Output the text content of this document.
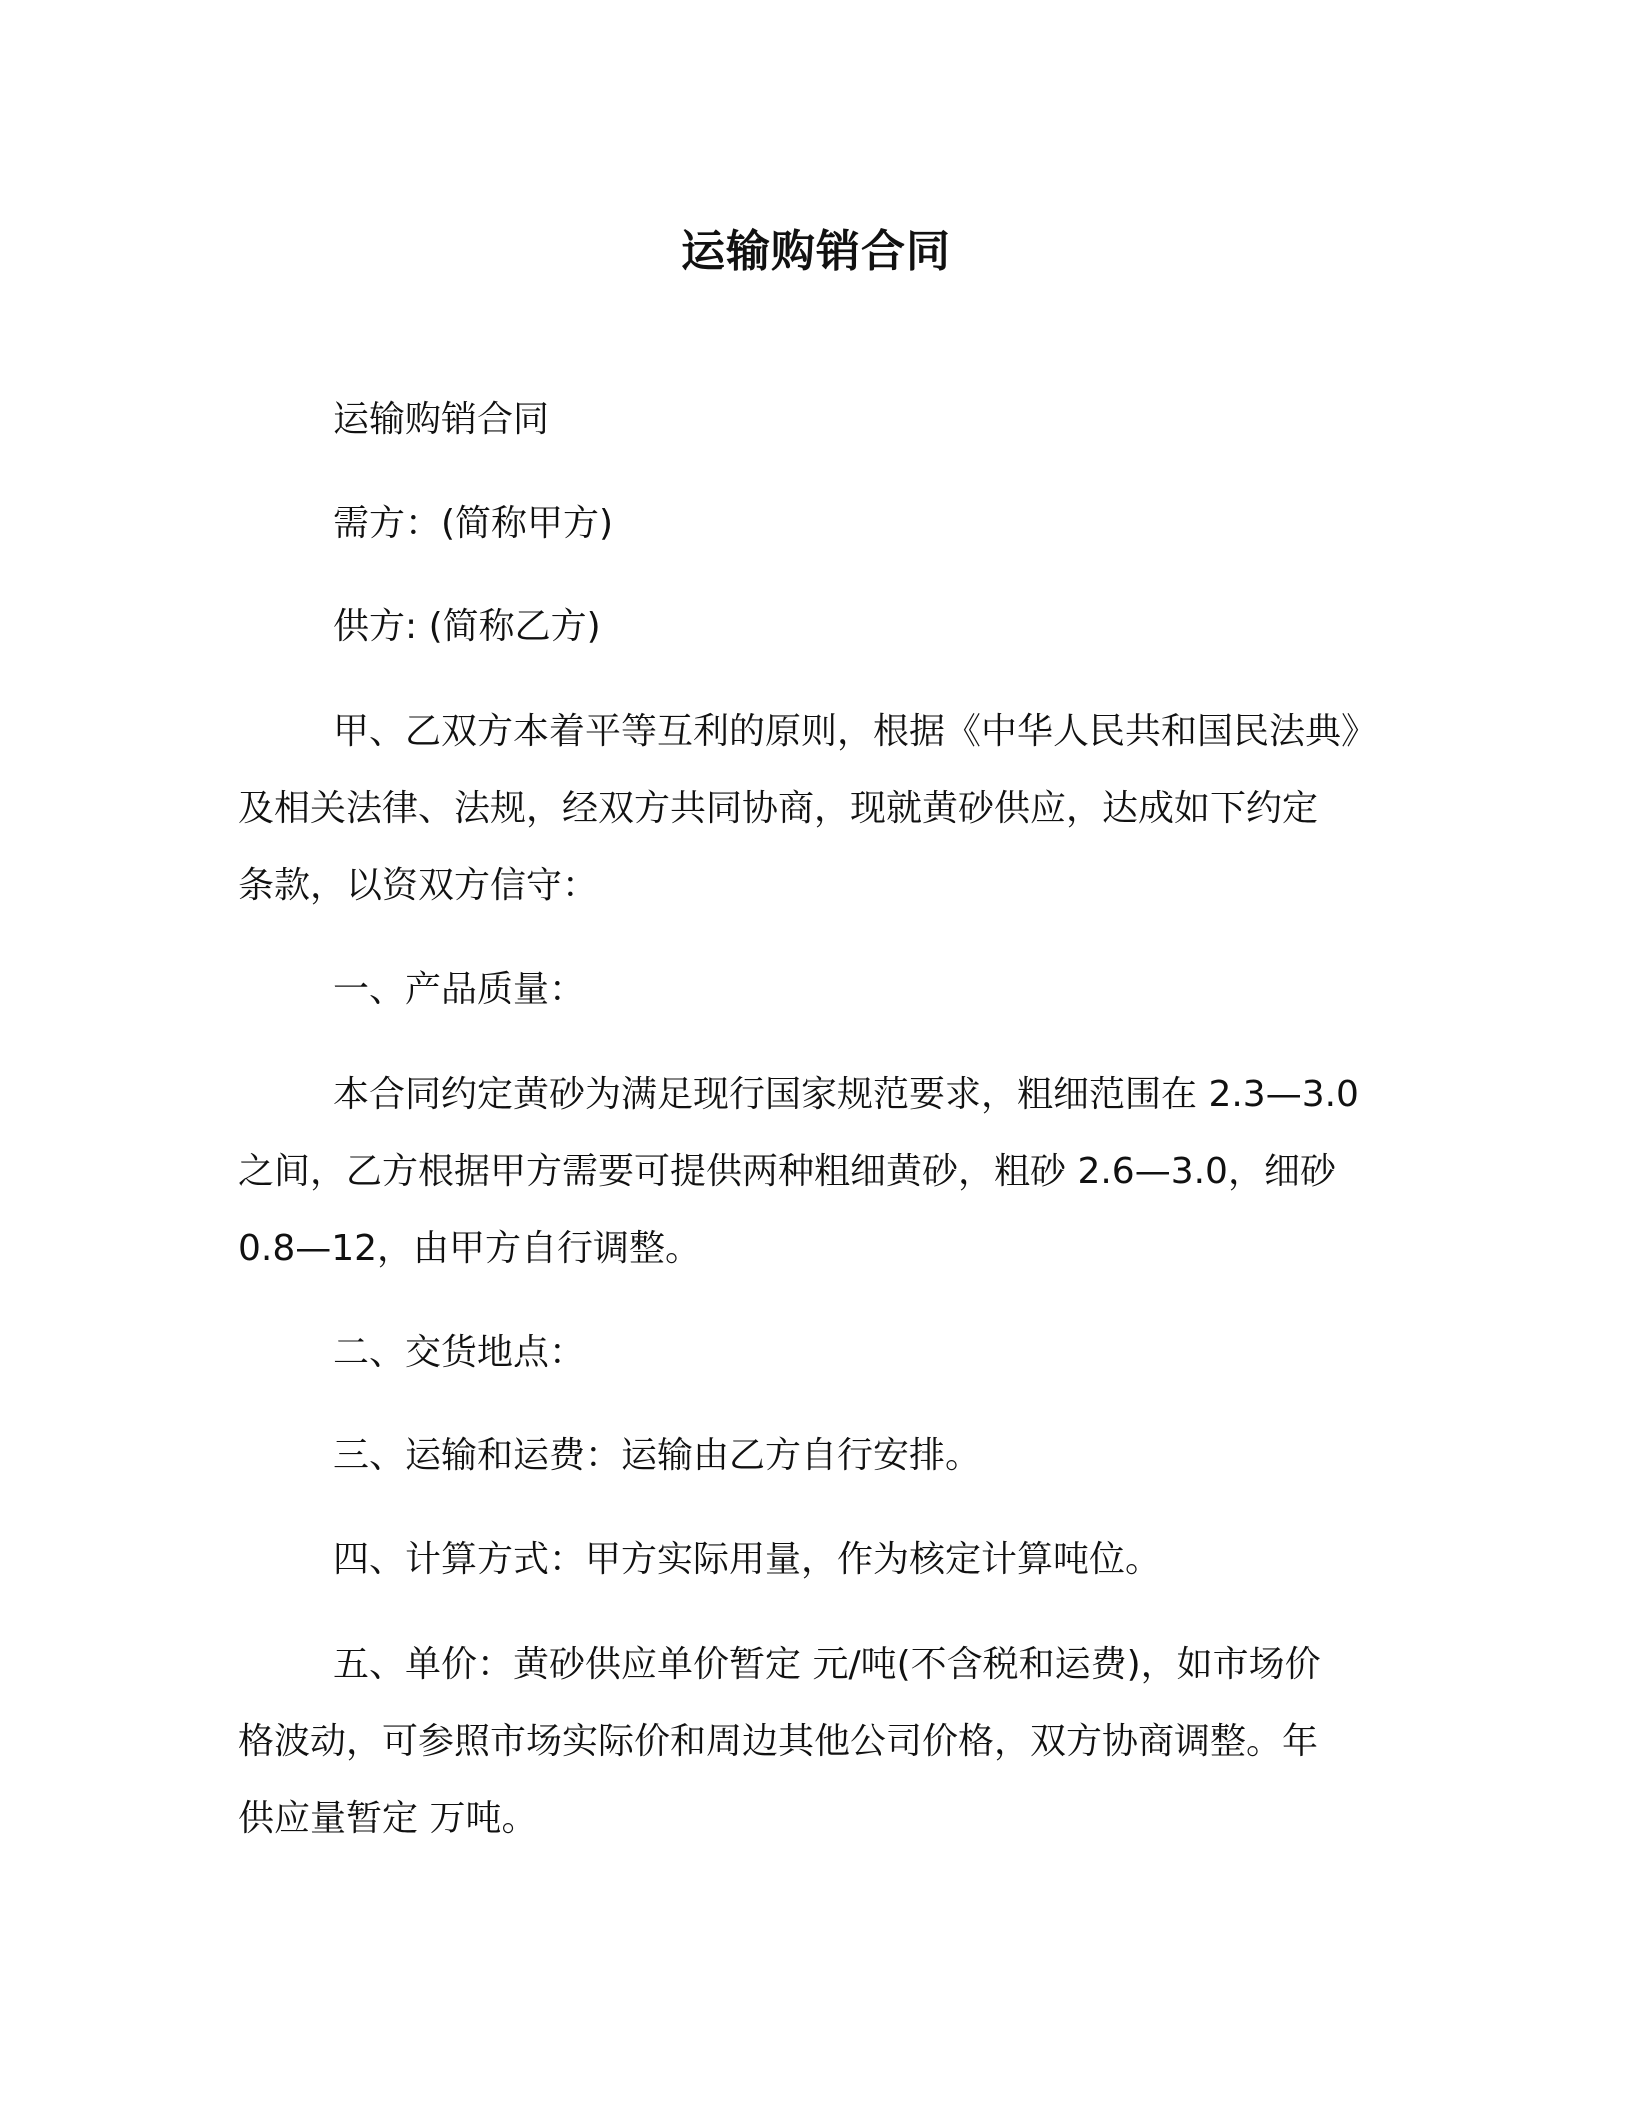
运输购销合同

运输购销合同

需方：(简称甲方)

供方: (简称乙方)

甲、乙双方本着平等互利的原则，根据《中华人民共和国民法典》

及相关法律、法规，经双方共同协商，现就黄砂供应，达成如下约定

条款，以资双方信守：

一、产品质量：

本合同约定黄砂为满足现行国家规范要求，粗细范围在 2.3—3.0

之间，乙方根据甲方需要可提供两种粗细黄砂，粗砂 2.6—3.0，细砂

0.8—12，由甲方自行调整。

二、交货地点：

三、运输和运费：运输由乙方自行安排。

四、计算方式：甲方实际用量，作为核定计算吨位。

五、单价：黄砂供应单价暂定 元/吨(不含税和运费)，如市场价

格波动，可参照市场实际价和周边其他公司价格，双方协商调整。年

供应量暂定 万吨。
